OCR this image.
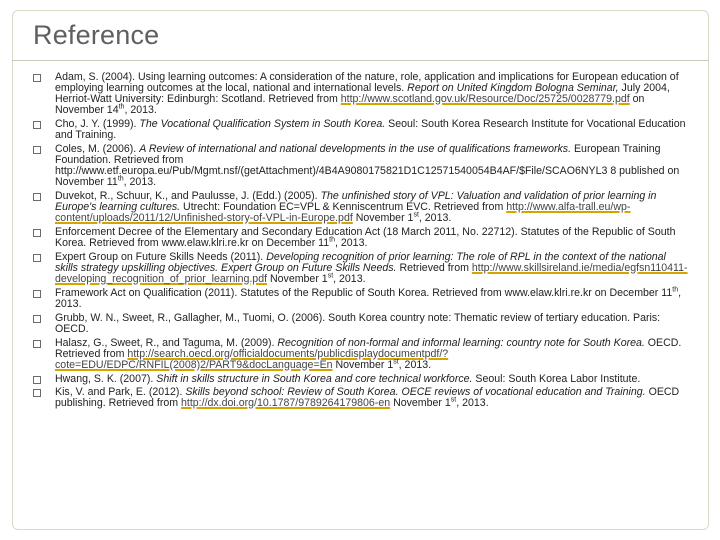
Reference
Adam, S. (2004). Using learning outcomes: A consideration of the nature, role, application and implications for European education of employing learning outcomes at the local, national and international levels. Report on United Kingdom Bologna Seminar, July 2004, Herriot-Watt University: Edinburgh: Scotland. Retrieved from http://www.scotland.gov.uk/Resource/Doc/25725/0028779.pdf on November 14th, 2013.
Cho, J. Y. (1999). The Vocational Qualification System in South Korea. Seoul: South Korea Research Institute for Vocational Education and Training.
Coles, M. (2006). A Review of international and national developments in the use of qualifications frameworks. European Training Foundation. Retrieved from http://www.etf.europa.eu/Pub/Mgmt.nsf/(getAttachment)/4B4A9080175821D1C12571540054B4AF/$File/SCAO6NYL3 8 published on November 11th, 2013.
Duvekot, R., Schuur, K., and Paulusse, J. (Edd.) (2005). The unfinished story of VPL: Valuation and validation of prior learning in Europe's learning cultures. Utrecht: Foundation EC=VPL & Kenniscentrum EVC. Retrieved from http://www.alfa-trall.eu/wp-content/uploads/2011/12/Unfinished-story-of-VPL-in-Europe.pdf November 1st, 2013.
Enforcement Decree of the Elementary and Secondary Education Act (18 March 2011, No. 22712). Statutes of the Republic of South Korea. Retrieved from www.elaw.klri.re.kr on December 11th, 2013.
Expert Group on Future Skills Needs (2011). Developing recognition of prior learning: The role of RPL in the context of the national skills strategy upskilling objectives. Expert Group on Future Skills Needs. Retrieved from http://www.skillsireland.ie/media/egfsn110411-developing_recognition_of_prior_learning.pdf November 1st, 2013.
Framework Act on Qualification (2011). Statutes of the Republic of South Korea. Retrieved from www.elaw.klri.re.kr on December 11th, 2013.
Grubb, W. N., Sweet, R., Gallagher, M., Tuomi, O. (2006). South Korea country note: Thematic review of tertiary education. Paris: OECD.
Halasz, G., Sweet, R., and Taguma, M. (2009). Recognition of non-formal and informal learning: country note for South Korea. OECD. Retrieved from http://search.oecd.org/officialdocuments/publicdisplaydocumentpdf/?cote=EDU/EDPC/RNFIL(2008)2/PART9&docLanguage=En November 1st, 2013.
Hwang, S. K. (2007). Shift in skills structure in South Korea and core technical workforce. Seoul: South Korea Labor Institute.
Kis, V. and Park, E. (2012). Skills beyond school: Review of South Korea. OECE reviews of vocational education and Training. OECD publishing. Retrieved from http://dx.doi.org/10.1787/9789264179806-en November 1st, 2013.
